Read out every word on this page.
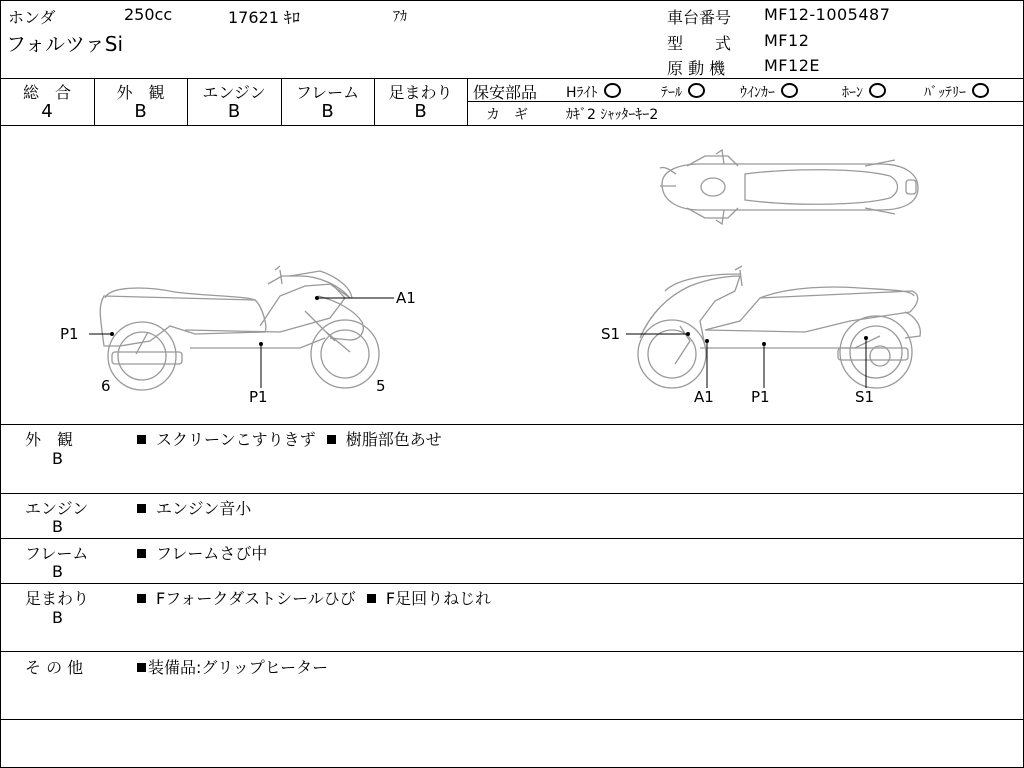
ホンダ	250cc	17621 ｷﾛ	ｱｶ
フォルツァSi
車台番号 MF12-1005487
型　　式 MF12
原 動 機 MF12E
総　合
4
外　観
B
エンジン
B
フレーム
B
足まわり
B
保安部品 Hﾗｲﾄ	ﾃｰﾙ	ｳｲﾝｶｰ	ﾎｰﾝ	ﾊﾞｯﾃﾘｰ
カ　ギ	ｶｷﾞ2 ｼｬｯﾀｰｷｰ2
A1
P1
P1
6	5
S1
A1 P1	S1
外　観
B
スクリーンこすりきず 樹脂部色あせ
エンジン
B
エンジン音小
フレーム
B
フレームさび中
足まわり
B
Fフォークダストシールひび F足回りねじれ
そ の 他	装備品:グリップヒーター
